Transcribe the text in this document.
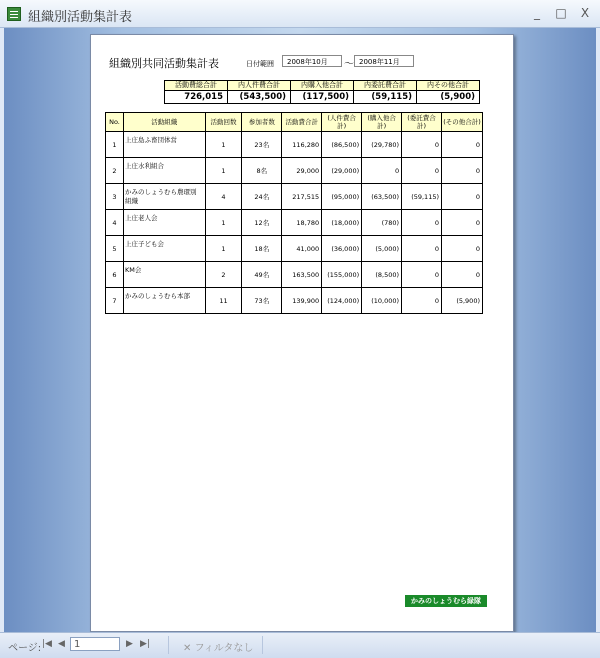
組織別活動集計表	_	□	X
組織別共同活動集計表	日付範囲	2008年10月	～ 2008年11月
活動費総合計	内人件費合計	内購入他合計	内委託費合計	内その他合計
726,015	(543,500)	(117,500)	(59,115)	(5,900)
No.	活動組織	活動回数	参加者数	活動費合計	(人件費合計)	(購入他合計)	(委託費合計)	(その他合計)
1	上庄島ふ畜団体営	1	23名	116,280	(86,500)	(29,780)	0	0
2	上庄水利組合	1	8名	29,000	(29,000)	0	0	0
3	かみのしょうむら農環別組織	4	24名	217,515	(95,000)	(63,500)	(59,115)	0
4	上庄老人会	1	12名	18,780	(18,000)	(780)	0	0
5	上庄子ども会	1	18名	41,000	(36,000)	(5,000)	0	0
6	KM会	2	49名	163,500	(155,000)	(8,500)	0	0
7	かみのしょうむら本部	11	73名	139,900	(124,000)	(10,000)	0	(5,900)
かみのしょうむら緑隊
ページ: |◀ ◀ 1	▶ ▶|	✕ フィルタなし
